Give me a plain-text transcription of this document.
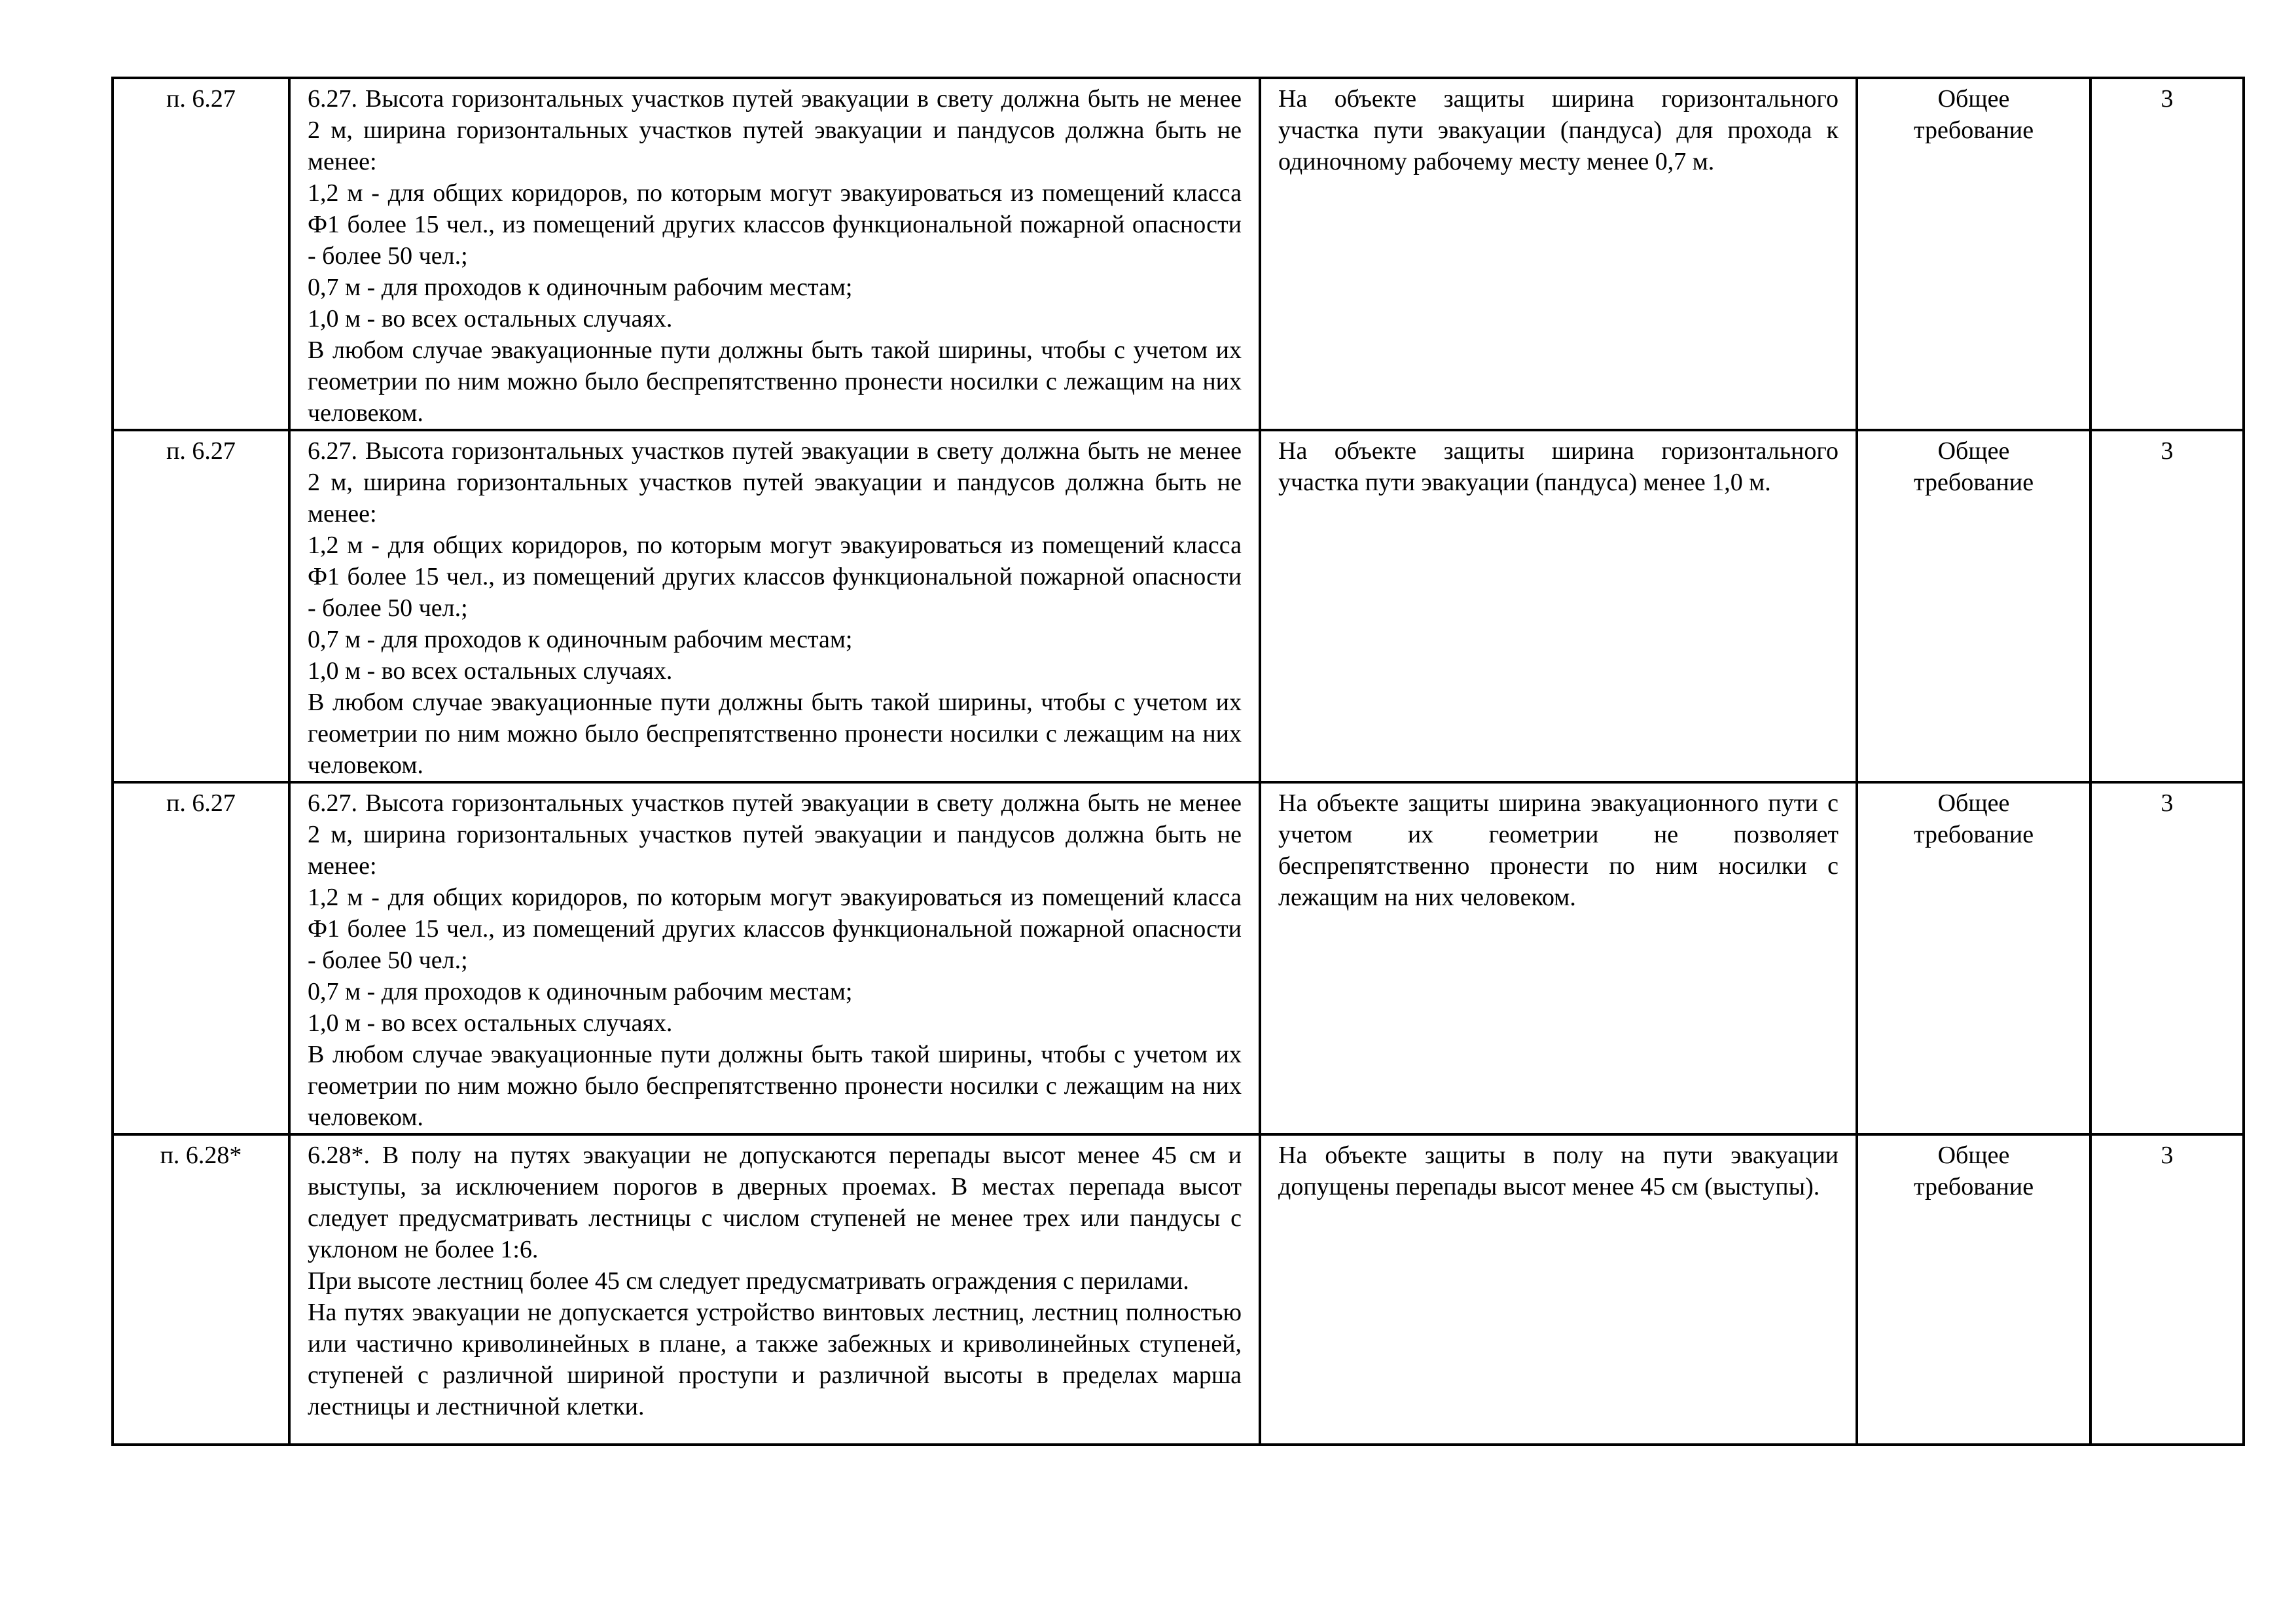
п. 6.27	6.27. Высота горизонтальных участков путей эвакуации в свету должна быть не менее 2 м, ширина горизонтальных участков путей эвакуации и пандусов должна быть не менее:
1,2 м - для общих коридоров, по которым могут эвакуироваться из помещений класса Ф1 более 15 чел., из помещений других классов функциональной пожарной опасности - более 50 чел.;
0,7 м - для проходов к одиночным рабочим местам;
1,0 м - во всех остальных случаях.
В любом случае эвакуационные пути должны быть такой ширины, чтобы с учетом их геометрии по ним можно было беспрепятственно пронести носилки с лежащим на них человеком.	На объекте защиты ширина горизонтального участка пути эвакуации (пандуса) для прохода к одиночному рабочему месту менее 0,7 м.	Общее требование	3
п. 6.27	6.27. Высота горизонтальных участков путей эвакуации в свету должна быть не менее 2 м, ширина горизонтальных участков путей эвакуации и пандусов должна быть не менее:
1,2 м - для общих коридоров, по которым могут эвакуироваться из помещений класса Ф1 более 15 чел., из помещений других классов функциональной пожарной опасности - более 50 чел.;
0,7 м - для проходов к одиночным рабочим местам;
1,0 м - во всех остальных случаях.
В любом случае эвакуационные пути должны быть такой ширины, чтобы с учетом их геометрии по ним можно было беспрепятственно пронести носилки с лежащим на них человеком.	На объекте защиты ширина горизонтального участка пути эвакуации (пандуса) менее 1,0 м.	Общее требование	3
п. 6.27	6.27. Высота горизонтальных участков путей эвакуации в свету должна быть не менее 2 м, ширина горизонтальных участков путей эвакуации и пандусов должна быть не менее:
1,2 м - для общих коридоров, по которым могут эвакуироваться из помещений класса Ф1 более 15 чел., из помещений других классов функциональной пожарной опасности - более 50 чел.;
0,7 м - для проходов к одиночным рабочим местам;
1,0 м - во всех остальных случаях.
В любом случае эвакуационные пути должны быть такой ширины, чтобы с учетом их геометрии по ним можно было беспрепятственно пронести носилки с лежащим на них человеком.	На объекте защиты ширина эвакуационного пути с учетом их геометрии не позволяет беспрепятственно пронести по ним носилки с лежащим на них человеком.	Общее требование	3
п. 6.28*	6.28*. В полу на путях эвакуации не допускаются перепады высот менее 45 см и выступы, за исключением порогов в дверных проемах. В местах перепада высот следует предусматривать лестницы с числом ступеней не менее трех или пандусы с уклоном не более 1:6.
При высоте лестниц более 45 см следует предусматривать ограждения с перилами.
На путях эвакуации не допускается устройство винтовых лестниц, лестниц полностью или частично криволинейных в плане, а также забежных и криволинейных ступеней, ступеней с различной шириной проступи и различной высоты в пределах марша лестницы и лестничной клетки.	На объекте защиты в полу на пути эвакуации допущены перепады высот менее 45 см (выступы).	Общее требование	3
